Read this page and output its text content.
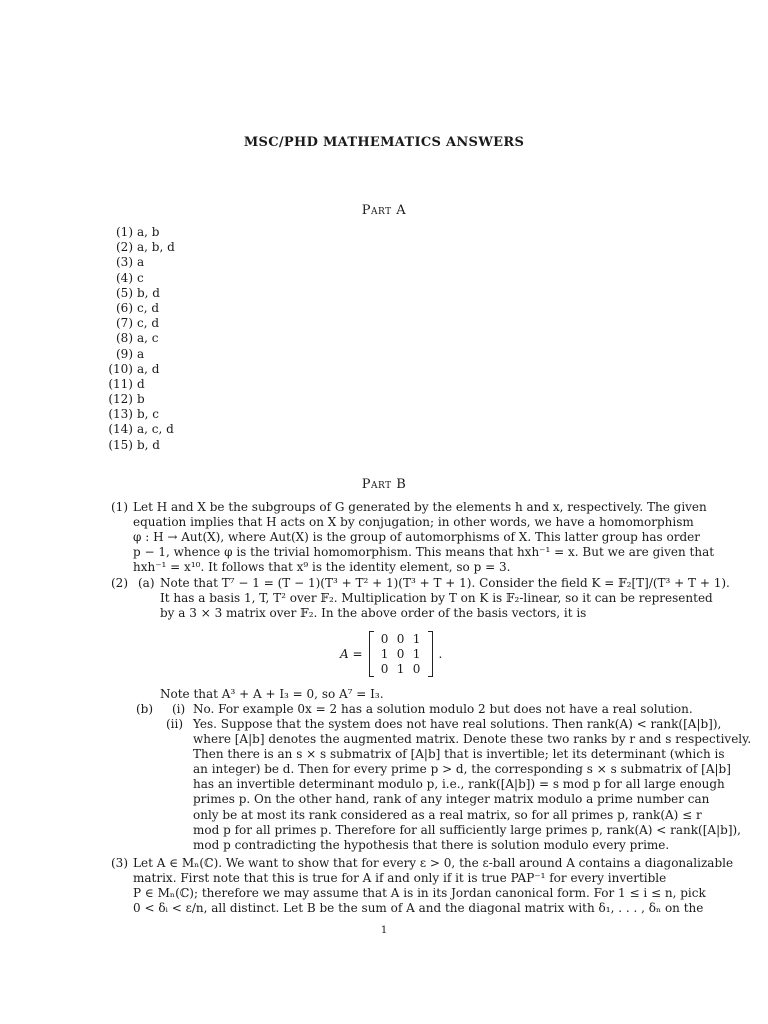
MSC/PHD MATHEMATICS ANSWERS
Part A
(1) a, b
(2) a, b, d
(3) a
(4) c
(5) b, d
(6) c, d
(7) c, d
(8) a, c
(9) a
(10) a, d
(11) d
(12) b
(13) b, c
(14) a, c, d
(15) b, d
Part B
(1) Let H and X be the subgroups of G generated by the elements h and x, respectively. The given
equation implies that H acts on X by conjugation; in other words, we have a homomorphism
φ : H → Aut(X), where Aut(X) is the group of automorphisms of X. This latter group has order
p − 1, whence φ is the trivial homomorphism. This means that hxh⁻¹ = x. But we are given that
hxh⁻¹ = x¹⁰. It follows that x⁹ is the identity element, so p = 3.
(2) (a) Note that T⁷ − 1 = (T − 1)(T³ + T² + 1)(T³ + T + 1). Consider the field K = 𝔽₂[T]/(T³ + T + 1).
It has a basis 1, T, T² over 𝔽₂. Multiplication by T on K is 𝔽₂-linear, so it can be represented
by a 3 × 3 matrix over 𝔽₂. In the above order of the basis vectors, it is
A =
0 0 1
1 0 1
0 1 0
.
Note that A³ + A + I₃ = 0, so A⁷ = I₃.
(b) (i) No. For example 0x = 2 has a solution modulo 2 but does not have a real solution.
(ii) Yes. Suppose that the system does not have real solutions. Then rank(A) < rank([A|b]),
where [A|b] denotes the augmented matrix. Denote these two ranks by r and s respectively.
Then there is an s × s submatrix of [A|b] that is invertible; let its determinant (which is
an integer) be d. Then for every prime p > d, the corresponding s × s submatrix of [A|b]
has an invertible determinant modulo p, i.e., rank([A|b]) = s mod p for all large enough
primes p. On the other hand, rank of any integer matrix modulo a prime number can
only be at most its rank considered as a real matrix, so for all primes p, rank(A) ≤ r
mod p for all primes p. Therefore for all sufficiently large primes p, rank(A) < rank([A|b]),
mod p contradicting the hypothesis that there is solution modulo every prime.
(3) Let A ∈ Mₙ(ℂ). We want to show that for every ε > 0, the ε-ball around A contains a diagonalizable
matrix. First note that this is true for A if and only if it is true PAP⁻¹ for every invertible
P ∈ Mₙ(ℂ); therefore we may assume that A is in its Jordan canonical form. For 1 ≤ i ≤ n, pick
0 < δᵢ < ε/n, all distinct. Let B be the sum of A and the diagonal matrix with δ₁, . . . , δₙ on the
1
